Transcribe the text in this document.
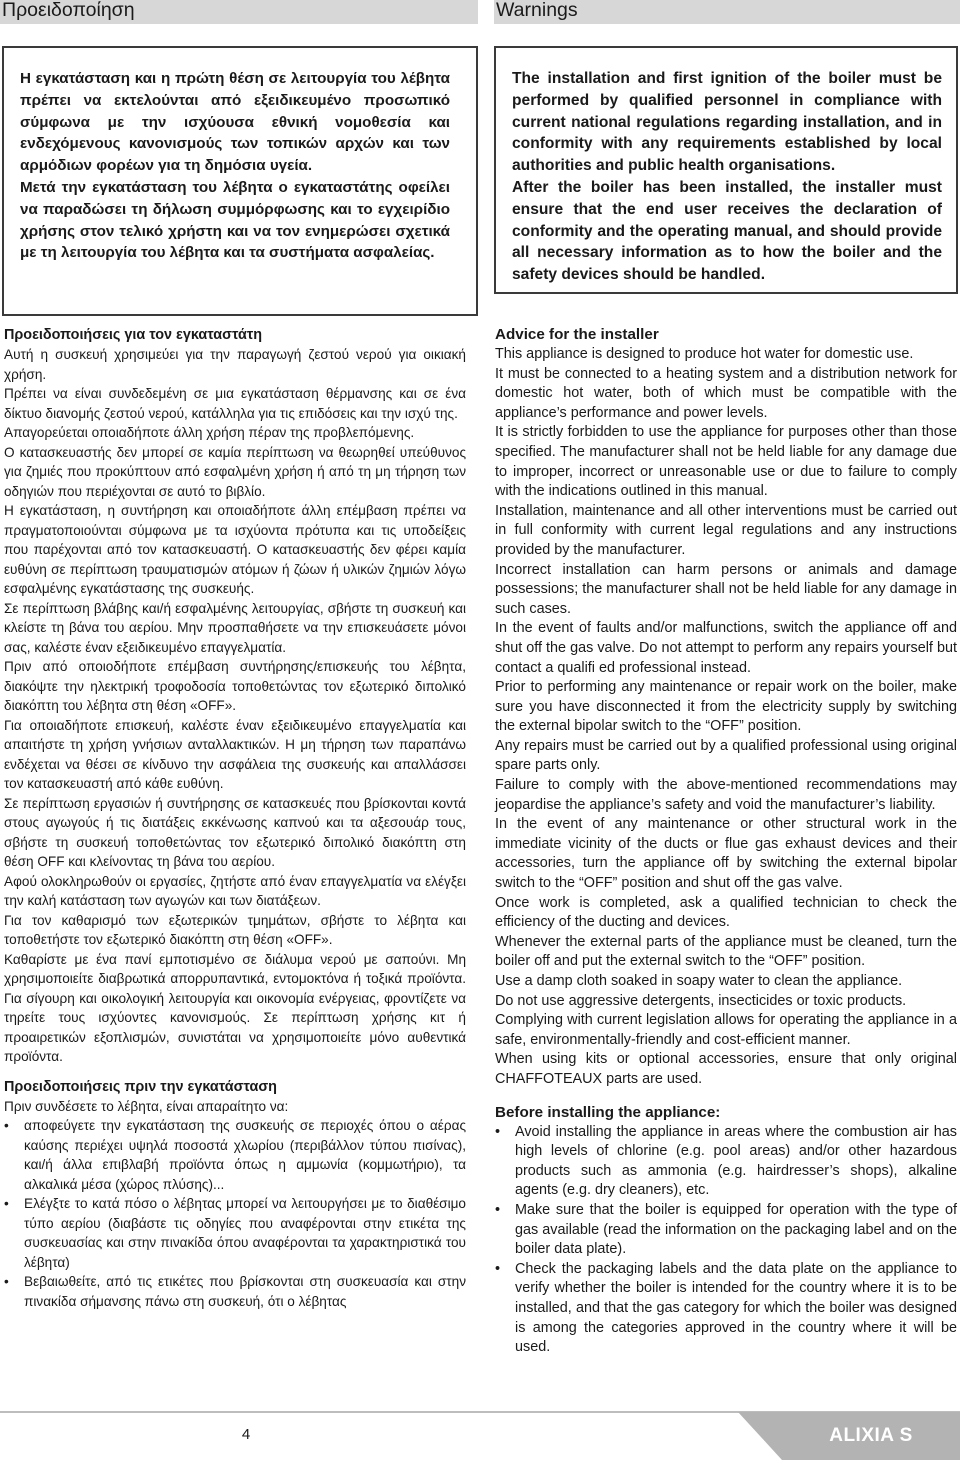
Προειδοποίηση	Warnings

Η εγκατάσταση και η πρώτη θέση σε λειτουργία του λέβητα πρέπει να εκτελούνται από εξειδικευμένο προσωπικό σύμφωνα με την ισχύουσα εθνική νομοθεσία και ενδεχόμενους κανονισμούς των τοπικών αρχών και των αρμόδιων φορέων για τη δημόσια υγεία.

Μετά την εγκατάσταση του λέβητα ο εγκαταστάτης οφείλει να παραδώσει τη δήλωση συμμόρφωσης και το εγχειρίδιο χρήσης στον τελικό χρήστη και να τον ενημερώσει σχετικά με τη λειτουργία του λέβητα και τα συστήματα ασφαλείας.

The installation and first ignition of the boiler must be performed by qualified personnel in compliance with current national regulations regarding installation, and in conformity with any requirements established by local authorities and public health organisations.

After the boiler has been installed, the installer must ensure that the end user receives the declaration of conformity and the operating manual, and should provide all necessary information as to how the boiler and the safety devices should be handled.

Προειδοποιήσεις για τον εγκαταστάτη

Αυτή η συσκευή χρησιμεύει για την παραγωγή ζεστού νερού για οικιακή χρήση.

Πρέπει να είναι συνδεδεμένη σε μια εγκατάσταση θέρμανσης και σε ένα δίκτυο διανομής ζεστού νερού, κατάλληλα για τις επιδόσεις και την ισχύ της.

Απαγορεύεται οποιαδήποτε άλλη χρήση πέραν της προβλεπόμενης.

Ο κατασκευαστής δεν μπορεί σε καμία περίπτωση να θεωρηθεί υπεύθυνος για ζημιές που προκύπτουν από εσφαλμένη χρήση ή από τη μη τήρηση των οδηγιών που περιέχονται σε αυτό το βιβλίο.

Η εγκατάσταση, η συντήρηση και οποιαδήποτε άλλη επέμβαση πρέπει να πραγματοποιούνται σύμφωνα με τα ισχύοντα πρότυπα και τις υποδείξεις που παρέχονται από τον κατασκευαστή. Ο κατασκευαστής δεν φέρει καμία ευθύνη σε περίπτωση τραυματισμών ατόμων ή ζώων ή υλικών ζημιών λόγω εσφαλμένης εγκατάστασης της συσκευής.

Σε περίπτωση βλάβης και/ή εσφαλμένης λειτουργίας, σβήστε τη συσκευή και κλείστε τη βάνα του αερίου. Μην προσπαθήσετε να την επισκευάσετε μόνοι σας, καλέστε έναν εξειδικευμένο επαγγελματία.

Πριν από οποιοδήποτε επέμβαση συντήρησης/επισκευής του λέβητα, διακόψτε την ηλεκτρική τροφοδοσία τοποθετώντας τον εξωτερικό διπολικό διακόπτη του λέβητα στη θέση «OFF».

Για οποιαδήποτε επισκευή, καλέστε έναν εξειδικευμένο επαγγελματία και απαιτήστε τη χρήση γνήσιων ανταλλακτικών. Η μη τήρηση των παραπάνω ενδέχεται να θέσει σε κίνδυνο την ασφάλεια της συσκευής και απαλλάσσει τον κατασκευαστή από κάθε ευθύνη.

Σε περίπτωση εργασιών ή συντήρησης σε κατασκευές που βρίσκονται κοντά στους αγωγούς ή τις διατάξεις εκκένωσης καπνού και τα αξεσουάρ τους, σβήστε τη συσκευή τοποθετώντας τον εξωτερικό διπολικό διακόπτη στη θέση OFF και κλείνοντας τη βάνα του αερίου.

Αφού ολοκληρωθούν οι εργασίες, ζητήστε από έναν επαγγελματία να ελέγξει την καλή κατάσταση των αγωγών και των διατάξεων.

Για τον καθαρισμό των εξωτερικών τμημάτων, σβήστε το λέβητα και τοποθετήστε τον εξωτερικό διακόπτη στη θέση «OFF».

Καθαρίστε με ένα πανί εμποτισμένο σε διάλυμα νερού με σαπούνι. Μη χρησιμοποιείτε διαβρωτικά απορρυπαντικά, εντομοκτόνα ή τοξικά προϊόντα. Για σίγουρη και οικολογική λειτουργία και οικονομία ενέργειας, φροντίζετε να τηρείτε τους ισχύοντες κανονισμούς. Σε περίπτωση χρήσης κιτ ή προαιρετικών εξοπλισμών, συνιστάται να χρησιμοποιείτε μόνο αυθεντικά προϊόντα.

Προειδοποιήσεις πριν την εγκατάσταση

Πριν συνδέσετε το λέβητα, είναι απαραίτητο να:

• αποφεύγετε την εγκατάσταση της συσκευής σε περιοχές όπου ο αέρας καύσης περιέχει υψηλά ποσοστά χλωρίου (περιβάλλον τύπου πισίνας), και/ή άλλα επιβλαβή προϊόντα όπως η αμμωνία (κομμωτήριο), τα αλκαλικά μέσα (χώρος πλύσης)...
• Ελέγξτε το κατά πόσο ο λέβητας μπορεί να λειτουργήσει με το διαθέσιμο τύπο αερίου (διαβάστε τις οδηγίες που αναφέρονται στην ετικέτα της συσκευασίας και στην πινακίδα όπου αναφέρονται τα χαρακτηριστικά του λέβητα)
• Βεβαιωθείτε, από τις ετικέτες που βρίσκονται στη συσκευασία και στην πινακίδα σήμανσης πάνω στη συσκευή, ότι ο λέβητας
Advice for the installer

This appliance is designed to produce hot water for domestic use.

It must be connected to a heating system and a distribution network for domestic hot water, both of which must be compatible with the appliance’s performance and power levels.

It is strictly forbidden to use the appliance for purposes other than those specified. The manufacturer shall not be held liable for any damage due to improper, incorrect or unreasonable use or due to failure to comply with the indications outlined in this manual.

Installation, maintenance and all other interventions must be carried out in full conformity with current legal regulations and any instructions provided by the manufacturer.

Incorrect installation can harm persons or animals and damage possessions; the manufacturer shall not be held liable for any damage in such cases.

In the event of faults and/or malfunctions, switch the appliance off and shut off the gas valve. Do not attempt to perform any repairs yourself but contact a qualifi ed professional instead.

Prior to performing any maintenance or repair work on the boiler, make sure you have disconnected it from the electricity supply by switching the external bipolar switch to the “OFF” position.

Any repairs must be carried out by a qualified professional using original spare parts only.

Failure to comply with the above-mentioned recommendations may jeopardise the appliance’s safety and void the manufacturer’s liability.

In the event of any maintenance or other structural work in the immediate vicinity of the ducts or flue gas exhaust devices and their accessories, turn the appliance off by switching the external bipolar switch to the “OFF” position and shut off the gas valve.

Once work is completed, ask a qualified technician to check the efficiency of the ducting and devices.

Whenever the external parts of the appliance must be cleaned, turn the boiler off and put the external switch to the “OFF” position.

Use a damp cloth soaked in soapy water to clean the appliance.

Do not use aggressive detergents, insecticides or toxic products.

Complying with current legislation allows for operating the appliance in a safe, environmentally-friendly and cost-efficient manner.

When using kits or optional accessories, ensure that only original CHAFFOTEAUX parts are used.

Before installing the appliance:
• Avoid installing the appliance in areas where the combustion air has high levels of chlorine (e.g. pool areas) and/or other hazardous products such as ammonia (e.g. hairdresser’s shops), alkaline agents (e.g. dry cleaners), etc.
• Make sure that the boiler is equipped for operation with the type of gas available (read the information on the packaging label and on the boiler data plate).
• Check the packaging labels and the data plate on the appliance to verify whether the boiler is intended for the country where it is to be installed, and that the gas category for which the boiler was designed is among the categories approved in the country where it will be used.
4	ALIXIA S
